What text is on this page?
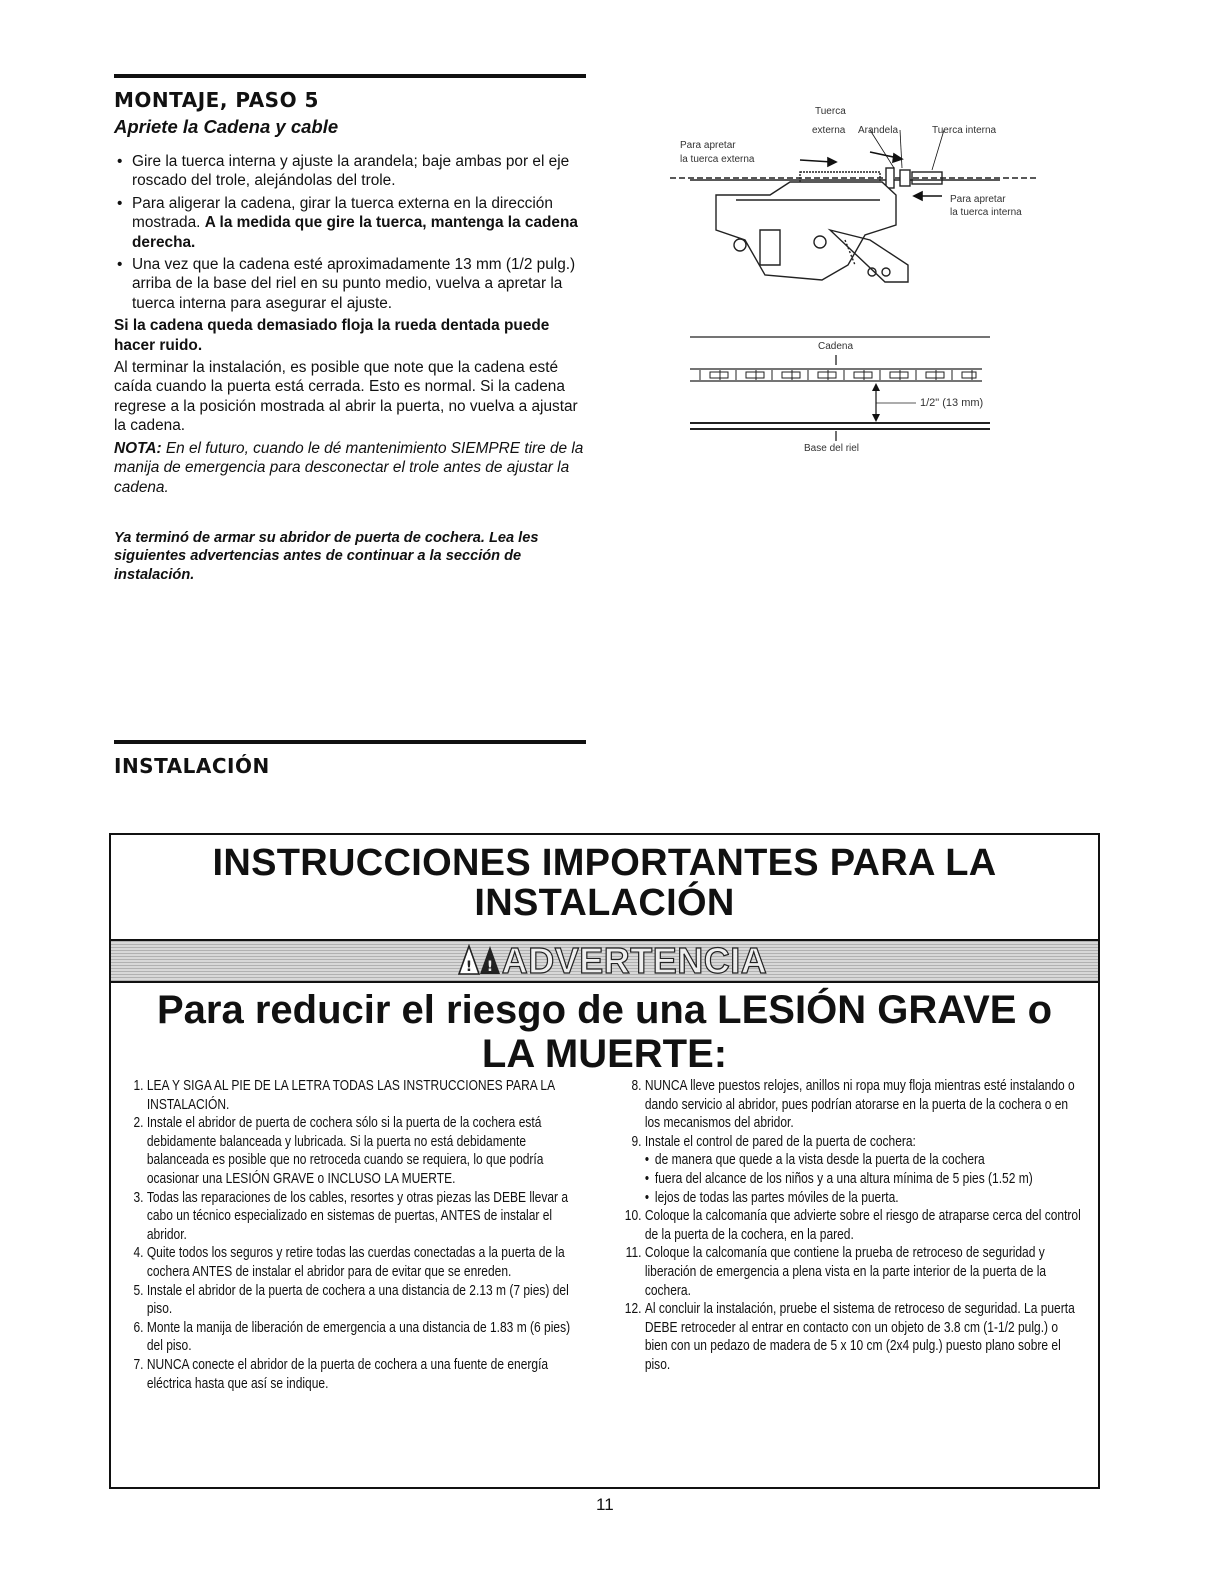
MONTAJE, PASO 5
Apriete la Cadena y cable
• Gire la tuerca interna y ajuste la arandela; baje ambas por el eje roscado del trole, alejándolas del trole.
• Para aligerar la cadena, girar la tuerca externa en la dirección mostrada. A la medida que gire la tuerca, mantenga la cadena derecha.
• Una vez que la cadena esté aproximadamente 13 mm (1/2 pulg.) arriba de la base del riel en su punto medio, vuelva a apretar la tuerca interna para asegurar el ajuste.
Si la cadena queda demasiado floja la rueda dentada puede hacer ruido.
Al terminar la instalación, es posible que note que la cadena esté caída cuando la puerta está cerrada. Esto es normal. Si la cadena regrese a la posición mostrada al abrir la puerta, no vuelva a ajustar la cadena.
NOTA: En el futuro, cuando le dé mantenimiento SIEMPRE tire de la manija de emergencia para desconectar el trole antes de ajustar la cadena.
Ya terminó de armar su abridor de puerta de cochera. Lea les siguientes advertencias antes de continuar a la sección de instalación.
Tuerca
externa Arandela	Tuerca interna
Para apretar
la tuerca externa
Para apretar
la tuerca interna
Cadena
1/2" (13 mm)
Base del riel
INSTALACIÓN
INSTRUCCIONES IMPORTANTES PARA LA
INSTALACIÓN
! ! ADVERTENCIA
Para reducir el riesgo de una LESIÓN GRAVE o
LA MUERTE:
1. LEA Y SIGA AL PIE DE LA LETRA TODAS LAS INSTRUCCIONES PARA LA INSTALACIÓN.
2. Instale el abridor de puerta de cochera sólo si la puerta de la cochera está debidamente balanceada y lubricada. Si la puerta no está debidamente balanceada es posible que no retroceda cuando se requiera, lo que podría ocasionar una LESIÓN GRAVE o INCLUSO LA MUERTE.
3. Todas las reparaciones de los cables, resortes y otras piezas las DEBE llevar a cabo un técnico especializado en sistemas de puertas, ANTES de instalar el abridor.
4. Quite todos los seguros y retire todas las cuerdas conectadas a la puerta de la cochera ANTES de instalar el abridor para de evitar que se enreden.
5. Instale el abridor de la puerta de cochera a una distancia de 2.13 m (7 pies) del piso.
6. Monte la manija de liberación de emergencia a una distancia de 1.83 m (6 pies) del piso.
7. NUNCA conecte el abridor de la puerta de cochera a una fuente de energía eléctrica hasta que así se indique.
8. NUNCA lleve puestos relojes, anillos ni ropa muy floja mientras esté instalando o dando servicio al abridor, pues podrían atorarse en la puerta de la cochera o en los mecanismos del abridor.
9. Instale el control de pared de la puerta de cochera:
• de manera que quede a la vista desde la puerta de la cochera
• fuera del alcance de los niños y a una altura mínima de 5 pies (1.52 m)
• lejos de todas las partes móviles de la puerta.
10. Coloque la calcomanía que advierte sobre el riesgo de atraparse cerca del control de la puerta de la cochera, en la pared.
11. Coloque la calcomanía que contiene la prueba de retroceso de seguridad y liberación de emergencia a plena vista en la parte interior de la puerta de la cochera.
12. Al concluir la instalación, pruebe el sistema de retroceso de seguridad. La puerta DEBE retroceder al entrar en contacto con un objeto de 3.8 cm (1-1/2 pulg.) o bien con un pedazo de madera de 5 x 10 cm (2x4 pulg.) puesto plano sobre el piso.
11
